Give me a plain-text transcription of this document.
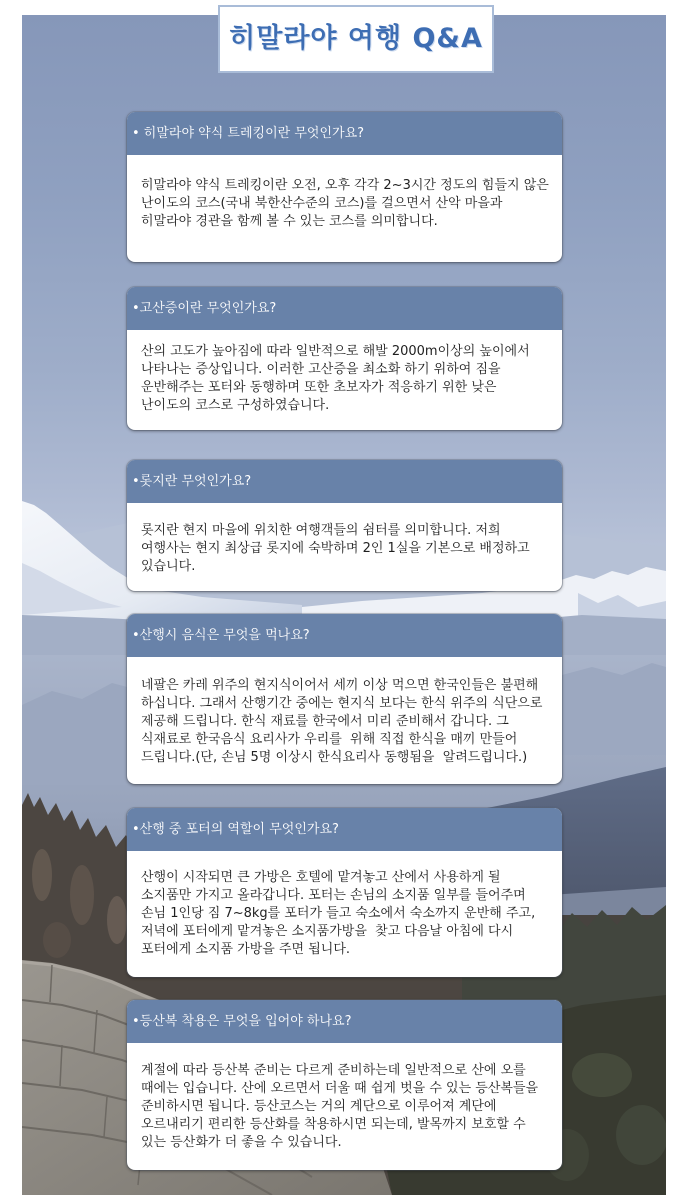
히말라야 여행 Q&A
• 히말라야 약식 트레킹이란 무엇인가요?
히말라야 약식 트레킹이란 오전, 오후 각각 2~3시간 정도의 힘들지 않은
난이도의 코스(국내 북한산수준의 코스)를 걸으면서 산악 마을과
히말라야 경관을 함께 볼 수 있는 코스를 의미합니다.
•고산증이란 무엇인가요?
산의 고도가 높아짐에 따라 일반적으로 해발 2000m이상의 높이에서
나타나는 증상입니다. 이러한 고산증을 최소화 하기 위하여 짐을
운반해주는 포터와 동행하며 또한 초보자가 적응하기 위한 낮은
난이도의 코스로 구성하였습니다.
•롯지란 무엇인가요?
롯지란 현지 마을에 위치한 여행객들의 쉼터를 의미합니다. 저희
여행사는 현지 최상급 롯지에 숙박하며 2인 1실을 기본으로 배정하고
있습니다.
•산행시 음식은 무엇을 먹나요?
네팔은 카레 위주의 현지식이어서 세끼 이상 먹으면 한국인들은 불편해
하십니다. 그래서 산행기간 중에는 현지식 보다는 한식 위주의 식단으로
제공해 드립니다. 한식 재료를 한국에서 미리 준비해서 갑니다. 그
식재료로 한국음식 요리사가 우리를  위해 직접 한식을 매끼 만들어
드립니다.(단, 손님 5명 이상시 한식요리사 동행됨을  알려드립니다.)
•산행 중 포터의 역할이 무엇인가요?
산행이 시작되면 큰 가방은 호텔에 맡겨놓고 산에서 사용하게 될
소지품만 가지고 올라갑니다. 포터는 손님의 소지품 일부를 들어주며
손님 1인당 짐 7~8kg를 포터가 들고 숙소에서 숙소까지 운반해 주고,
저녁에 포터에게 맡겨놓은 소지품가방을  찾고 다음날 아침에 다시
포터에게 소지품 가방을 주면 됩니다.
•등산복 착용은 무엇을 입어야 하나요?
계절에 따라 등산복 준비는 다르게 준비하는데 일반적으로 산에 오를
때에는 입습니다. 산에 오르면서 더울 때 쉽게 벗을 수 있는 등산복들을
준비하시면 됩니다. 등산코스는 거의 계단으로 이루어져 계단에
오르내리기 편리한 등산화를 착용하시면 되는데, 발목까지 보호할 수
있는 등산화가 더 좋을 수 있습니다.
